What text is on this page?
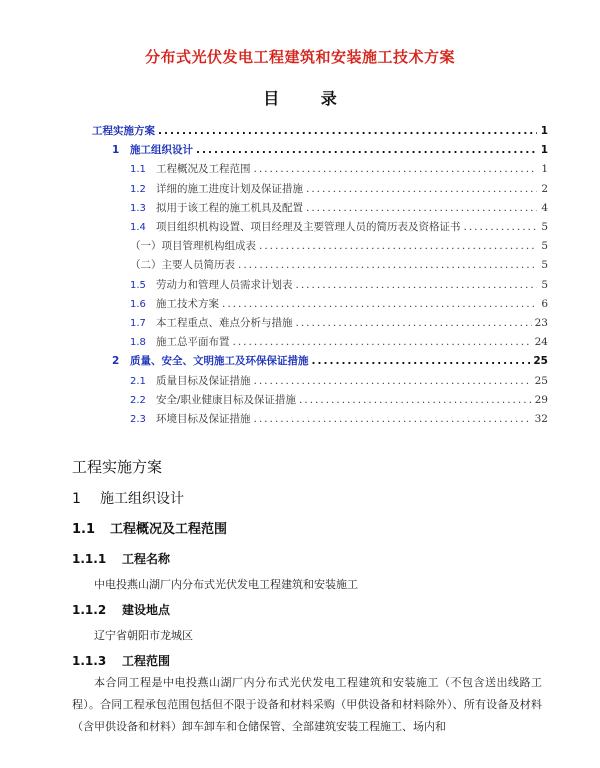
分布式光伏发电工程建筑和安装施工技术方案
目 录
工程实施方案 .....	1
1	施工组织设计 .....	1
1.1 工程概况及工程范围 .....	1
1.2 详细的施工进度计划及保证措施 .....	2
1.3 拟用于该工程的施工机具及配置 .....	4
1.4 项目组织机构设置、项目经理及主要管理人员的简历表及资格证书 .....	5
（一）项目管理机构组成表 .....	5
（二）主要人员简历表 .....	5
1.5 劳动力和管理人员需求计划表 .....	5
1.6 施工技术方案 .....	6
1.7 本工程重点、难点分析与措施 .....	23
1.8 施工总平面布置 .....	24
2	质量、安全、文明施工及环保保证措施 .....	25
2.1 质量目标及保证措施 .....	25
2.2 安全/职业健康目标及保证措施 .....	29
2.3 环境目标及保证措施 .....	32
工程实施方案
1 施工组织设计
1.1 工程概况及工程范围
1.1.1 工程名称
中电投燕山湖厂内分布式光伏发电工程建筑和安装施工
1.1.2 建设地点
辽宁省朝阳市龙城区
1.1.3 工程范围
本合同工程是中电投燕山湖厂内分布式光伏发电工程建筑和安装施工（不包含送出线路工程）。合同工程承包范围包括但不限于设备和材料采购（甲供设备和材料除外）、所有设备及材料（含甲供设备和材料）卸车卸车和仓储保管、全部建筑安装工程施工、场内和
